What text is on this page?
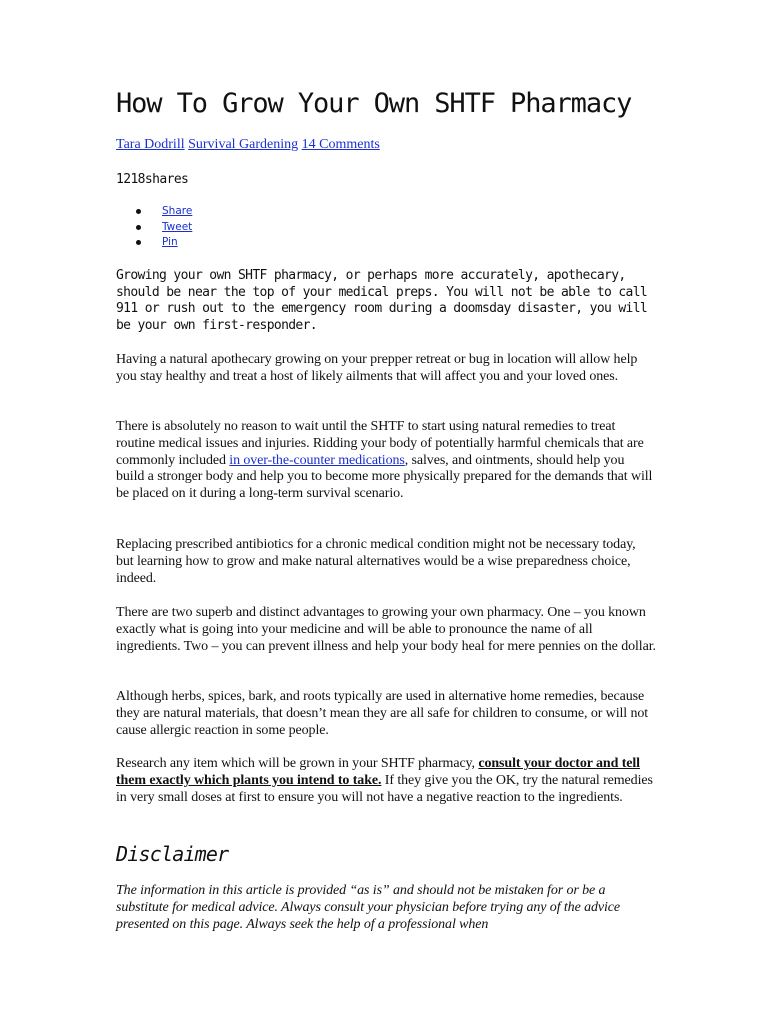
How To Grow Your Own SHTF Pharmacy
Tara Dodrill Survival Gardening 14 Comments
1218shares
Share
Tweet
Pin

Growing your own SHTF pharmacy, or perhaps more accurately, apothecary, should be near the top of your medical preps. You will not be able to call 911 or rush out to the emergency room during a doomsday disaster, you will be your own first-responder.

Having a natural apothecary growing on your prepper retreat or bug in location will allow help you stay healthy and treat a host of likely ailments that will affect you and your loved ones.

There is absolutely no reason to wait until the SHTF to start using natural remedies to treat routine medical issues and injuries. Ridding your body of potentially harmful chemicals that are commonly included in over-the-counter medications, salves, and ointments, should help you build a stronger body and help you to become more physically prepared for the demands that will be placed on it during a long-term survival scenario.

Replacing prescribed antibiotics for a chronic medical condition might not be necessary today, but learning how to grow and make natural alternatives would be a wise preparedness choice, indeed.

There are two superb and distinct advantages to growing your own pharmacy. One – you known exactly what is going into your medicine and will be able to pronounce the name of all ingredients. Two – you can prevent illness and help your body heal for mere pennies on the dollar.

Although herbs, spices, bark, and roots typically are used in alternative home remedies, because they are natural materials, that doesn’t mean they are all safe for children to consume, or will not cause allergic reaction in some people.

Research any item which will be grown in your SHTF pharmacy, consult your doctor and tell them exactly which plants you intend to take. If they give you the OK, try the natural remedies in very small doses at first to ensure you will not have a negative reaction to the ingredients.

Disclaimer

The information in this article is provided “as is” and should not be mistaken for or be a substitute for medical advice. Always consult your physician before trying any of the advice presented on this page. Always seek the help of a professional when
